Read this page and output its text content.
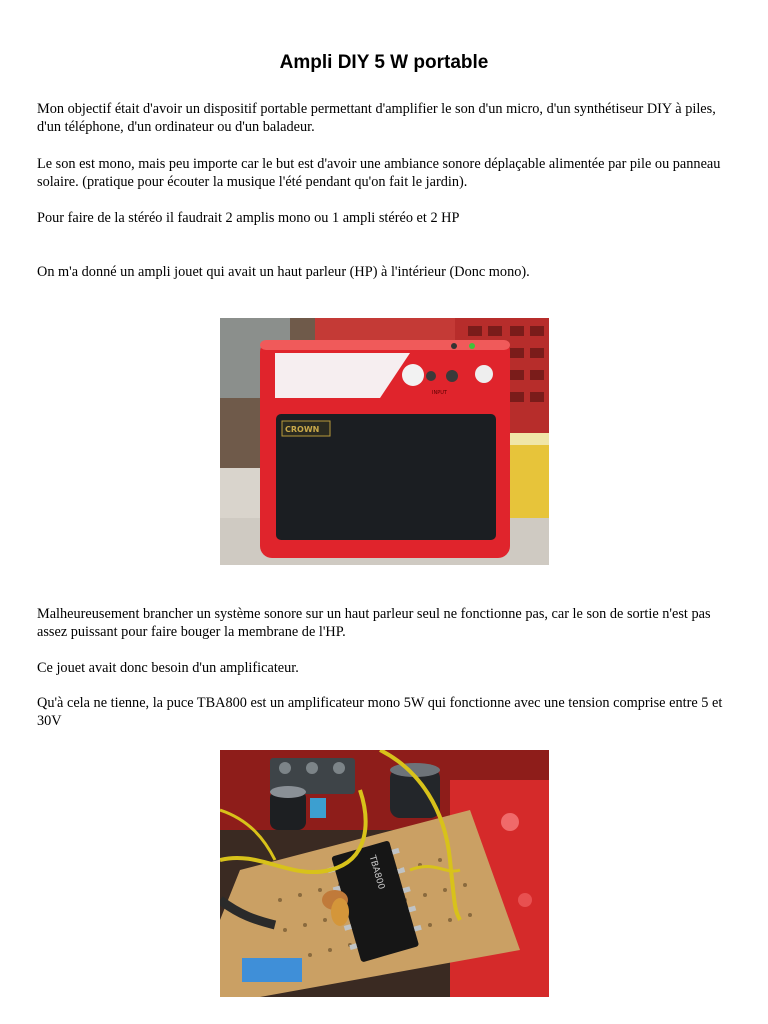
Ampli DIY 5 W portable

Mon objectif était d'avoir un dispositif portable permettant d'amplifier le son d'un micro, d'un synthétiseur DIY à piles, d'un téléphone, d'un ordinateur ou d'un baladeur.

Le son est mono, mais peu importe car le but est d'avoir une ambiance sonore déplaçable alimentée par pile ou panneau solaire. (pratique pour écouter la musique l'été pendant qu'on fait le jardin).

Pour faire de la stéréo il faudrait 2 amplis mono ou 1 ampli stéréo et 2 HP

On m'a donné un ampli jouet qui avait un haut parleur (HP) à l'intérieur (Donc mono).

INPUT
CROWN

Malheureusement brancher un système sonore sur un haut parleur seul ne fonctionne pas, car le son de sortie n'est pas assez puissant pour faire bouger la membrane de l'HP.

Ce jouet avait donc besoin d'un amplificateur.

Qu'à cela ne tienne, la puce TBA800 est un amplificateur mono 5W qui fonctionne avec une tension comprise entre 5 et 30V

TBA800
